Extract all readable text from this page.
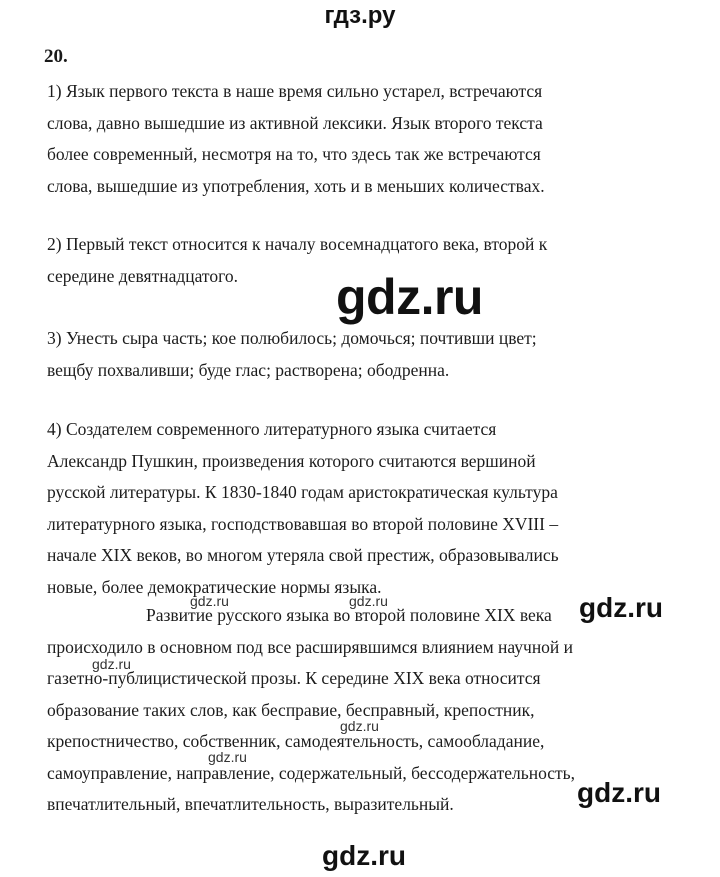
гдз.ру
20.

1) Язык первого текста в наше время сильно устарел, встречаются
слова, давно вышедшие из активной лексики. Язык второго текста
более современный, несмотря на то, что здесь так же встречаются
слова, вышедшие из употребления, хоть и в меньших количествах.

2) Первый текст относится к началу восемнадцатого века, второй к
середине девятнадцатого.

3) Унесть сыра часть; кое полюбилось; домочься; почтивши цвет;
вещбу похваливши; буде глас; растворена; ободренна.

4) Создателем современного литературного языка считается
Александр Пушкин, произведения которого считаются вершиной
русской литературы. К 1830-1840 годам аристократическая культура
литературного языка, господствовавшая во второй половине XVIII –
начале XIX веков, во многом утеряла свой престиж, образовывались
новые, более демократические нормы языка.

Развитие русского языка во второй половине XIX века
происходило в основном под все расширявшимся влиянием научной и
газетно-публицистической прозы. К середине XIX века относится
образование таких слов, как бесправие, бесправный, крепостник,
крепостничество, собственник, самодеятельность, самообладание,
самоуправление, направление, содержательный, бессодержательность,
впечатлительный, впечатлительность, выразительный.

gdz.ru
gdz.ru
gdz.ru
gdz.ru
gdz.ru	gdz.ru
gdz.ru
gdz.ru
gdz.ru
